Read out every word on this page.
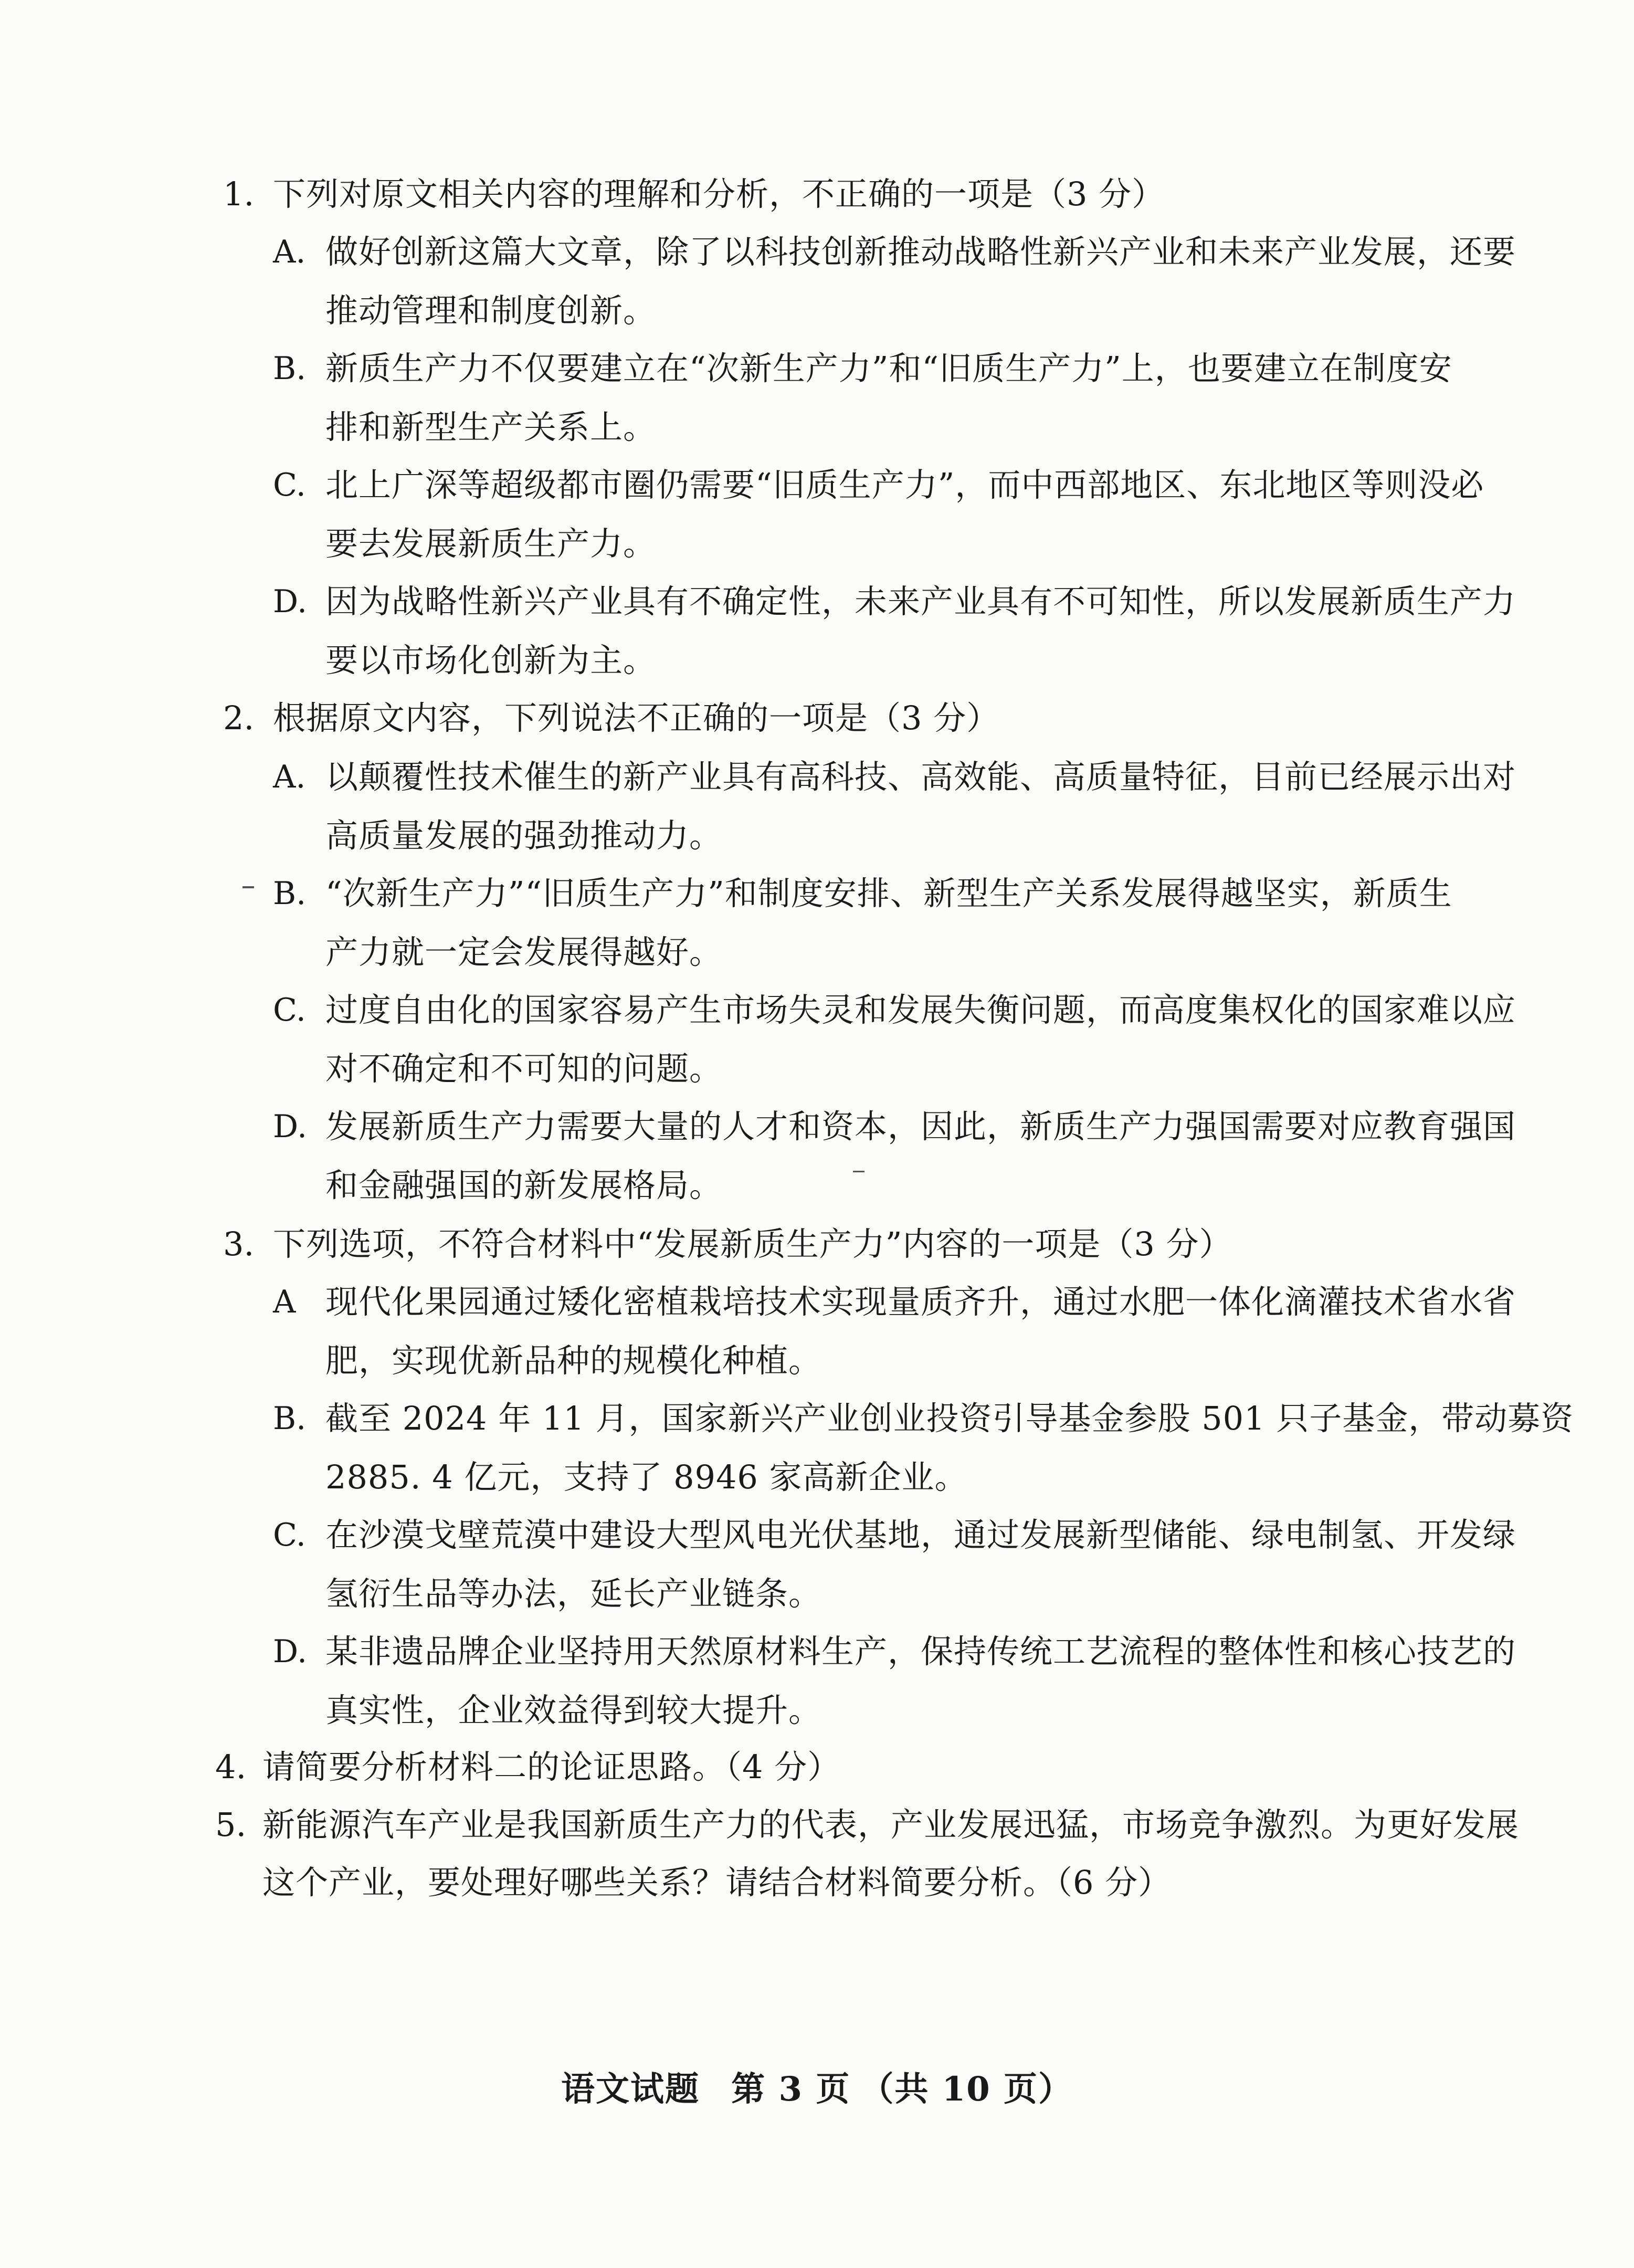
1. 下列对原文相关内容的理解和分析，不正确的一项是（3 分）
A. 做好创新这篇大文章，除了以科技创新推动战略性新兴产业和未来产业发展，还要
推动管理和制度创新。
B. 新质生产力不仅要建立在“次新生产力”和“旧质生产力”上，也要建立在制度安
排和新型生产关系上。
C. 北上广深等超级都市圈仍需要“旧质生产力”，而中西部地区、东北地区等则没必
要去发展新质生产力。
D. 因为战略性新兴产业具有不确定性，未来产业具有不可知性，所以发展新质生产力
要以市场化创新为主。
2. 根据原文内容，下列说法不正确的一项是（3 分）
A. 以颠覆性技术催生的新产业具有高科技、高效能、高质量特征，目前已经展示出对
高质量发展的强劲推动力。
B. “次新生产力”“旧质生产力”和制度安排、新型生产关系发展得越坚实，新质生
产力就一定会发展得越好。
C. 过度自由化的国家容易产生市场失灵和发展失衡问题，而高度集权化的国家难以应
对不确定和不可知的问题。
D. 发展新质生产力需要大量的人才和资本，因此，新质生产力强国需要对应教育强国
和金融强国的新发展格局。
3. 下列选项，不符合材料中“发展新质生产力”内容的一项是（3 分）
A 现代化果园通过矮化密植栽培技术实现量质齐升，通过水肥一体化滴灌技术省水省
肥，实现优新品种的规模化种植。
B. 截至 2024 年 11 月，国家新兴产业创业投资引导基金参股 501 只子基金，带动募资
2885. 4 亿元，支持了 8946 家高新企业。
C. 在沙漠戈壁荒漠中建设大型风电光伏基地，通过发展新型储能、绿电制氢、开发绿
氢衍生品等办法，延长产业链条。
D. 某非遗品牌企业坚持用天然原材料生产，保持传统工艺流程的整体性和核心技艺的
真实性，企业效益得到较大提升。
4. 请简要分析材料二的论证思路。（4 分）
5. 新能源汽车产业是我国新质生产力的代表，产业发展迅猛，市场竞争激烈。为更好发展
这个产业，要处理好哪些关系？请结合材料简要分析。（6 分）
语文试题 第 3 页 （共 10 页）
